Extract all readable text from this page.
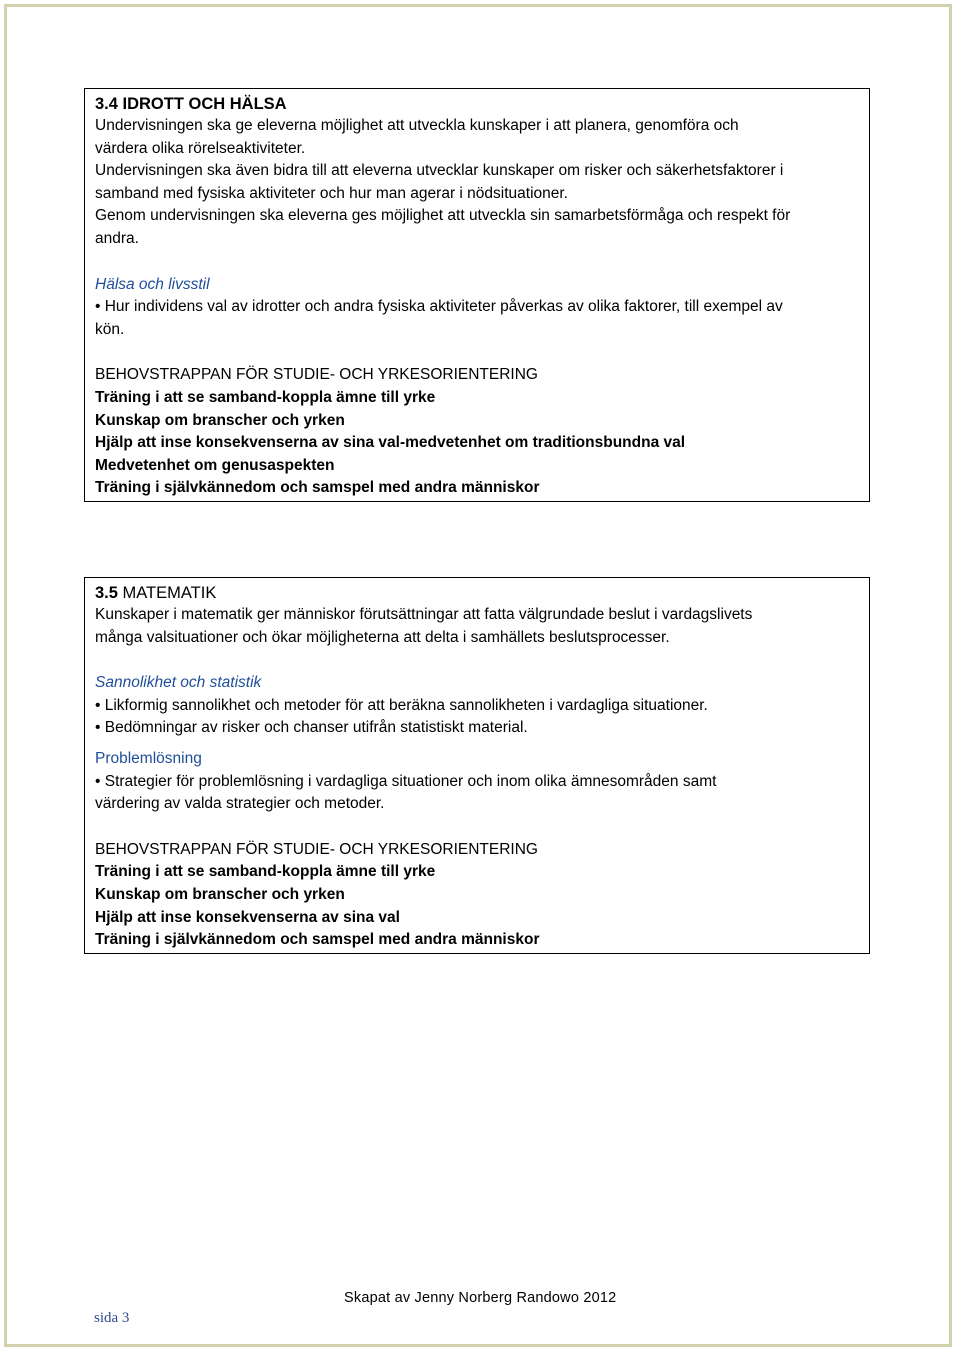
3.4 IDROTT OCH HÄLSA
Undervisningen ska ge eleverna möjlighet att utveckla kunskaper i att planera, genomföra och
värdera olika rörelseaktiviteter.
Undervisningen ska även bidra till att eleverna utvecklar kunskaper om risker och säkerhetsfaktorer i
samband med fysiska aktiviteter och hur man agerar i nödsituationer.
Genom undervisningen ska eleverna ges möjlighet att utveckla sin samarbetsförmåga och respekt för
andra.
Hälsa och livsstil
• Hur individens val av idrotter och andra fysiska aktiviteter påverkas av olika faktorer, till exempel av
kön.
BEHOVSTRAPPAN FÖR STUDIE- OCH YRKESORIENTERING
Träning i att se samband-koppla ämne till yrke
Kunskap om branscher och yrken
Hjälp att inse konsekvenserna av sina val-medvetenhet om traditionsbundna val
Medvetenhet om genusaspekten
Träning i självkännedom och samspel med andra människor
3.5 MATEMATIK
Kunskaper i matematik ger människor förutsättningar att fatta välgrundade beslut i vardagslivets
många valsituationer och ökar möjligheterna att delta i samhällets beslutsprocesser.
Sannolikhet och statistik
• Likformig sannolikhet och metoder för att beräkna sannolikheten i vardagliga situationer.
• Bedömningar av risker och chanser utifrån statistiskt material.
Problemlösning
• Strategier för problemlösning i vardagliga situationer och inom olika ämnesområden samt
värdering av valda strategier och metoder.
BEHOVSTRAPPAN FÖR STUDIE- OCH YRKESORIENTERING
Träning i att se samband-koppla ämne till yrke
Kunskap om branscher och yrken
Hjälp att inse konsekvenserna av sina val
Träning i självkännedom och samspel med andra människor
Skapat av Jenny Norberg Randowo 2012
sida 3
